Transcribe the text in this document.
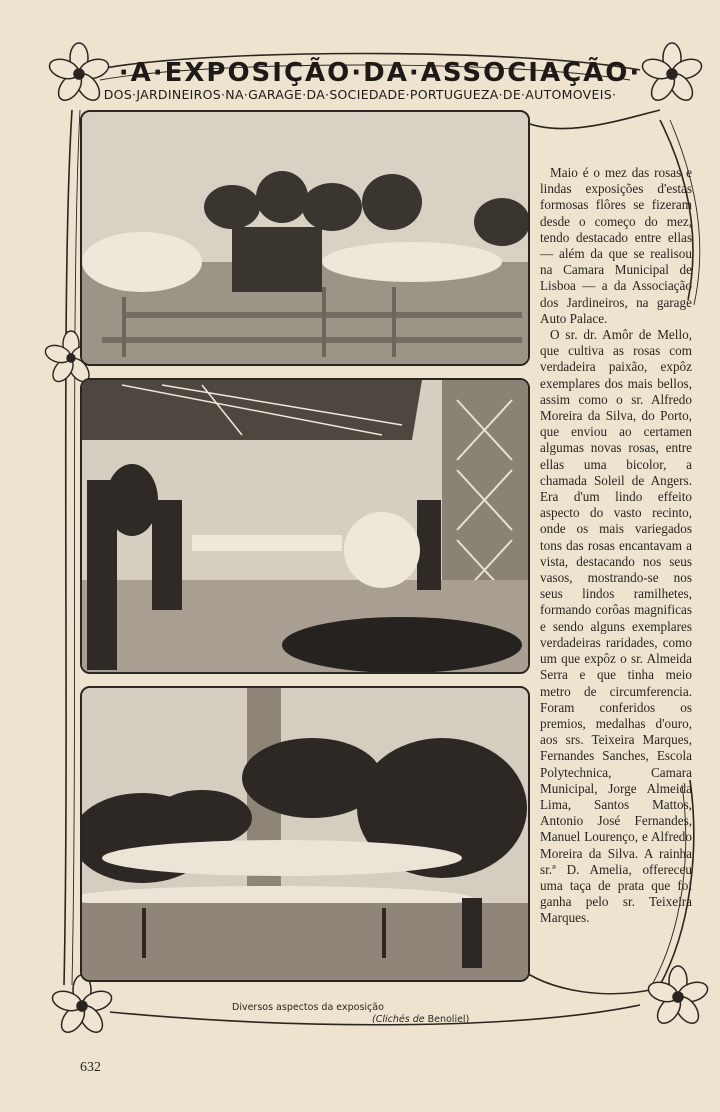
·A·EXPOSIÇÃO·DA·ASSOCIAÇÃO·
DOS·JARDINEIROS·NA·GARAGE·DA·SOCIEDADE·PORTUGUEZA·DE·AUTOMOVEIS·

Maio é o mez das rosas e lindas exposições d'estas formosas flôres se fizeram desde o começo do mez, tendo destacado entre ellas — além da que se realisou na Camara Municipal de Lisboa — a da Associação dos Jardineiros, na garage Auto Palace.

O sr. dr. Amôr de Mello, que cultiva as rosas com verdadeira paixão, expôz exemplares dos mais bellos, assim como o sr. Alfredo Moreira da Silva, do Porto, que enviou ao certamen algumas novas rosas, entre ellas uma bicolor, a chamada Soleil de Angers. Era d'um lindo effeito aspecto do vasto recinto, onde os mais variegados tons das rosas encantavam a vista, destacando nos seus vasos, mostrando-se nos seus lindos ramilhetes, formando corôas magnificas e sendo alguns exemplares verdadeiras raridades, como um que expôz o sr. Almeida Serra e que tinha meio metro de circumferencia. Foram conferidos os premios, medalhas d'ouro, aos srs. Teixeira Marques, Fernandes Sanches, Escola Polytechnica, Camara Municipal, Jorge Almeida Lima, Santos Mattos, Antonio José Fernandes, Manuel Lourenço, e Alfredo Moreira da Silva. A rainha sr.ª D. Amelia, offereceu uma taça de prata que foi ganha pelo sr. Teixeira Marques.

Diversos aspectos da exposição
(Clichés de Benoliel)
632
